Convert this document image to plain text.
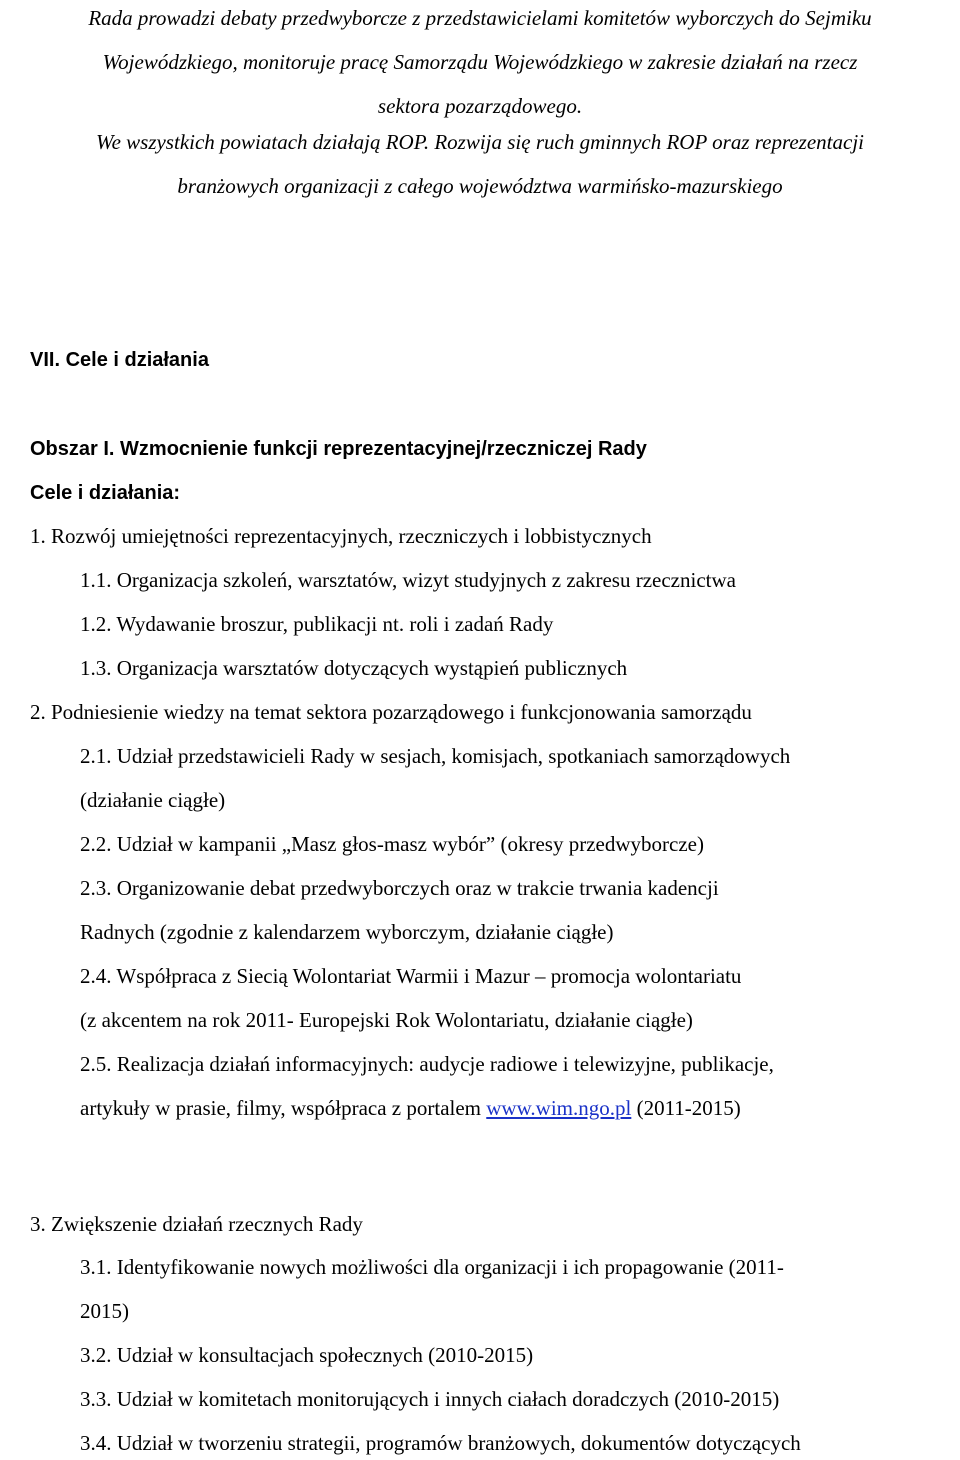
Rada prowadzi debaty przedwyborcze z przedstawicielami komitetów wyborczych do Sejmiku Wojewódzkiego, monitoruje pracę Samorządu Wojewódzkiego w zakresie działań na rzecz sektora pozarządowego.

We wszystkich powiatach działają ROP. Rozwija się ruch gminnych ROP oraz reprezentacji branżowych organizacji z całego województwa warmińsko-mazurskiego

VII. Cele i działania
Obszar I. Wzmocnienie funkcji reprezentacyjnej/rzeczniczej Rady
Cele i działania:
1. Rozwój umiejętności reprezentacyjnych, rzeczniczych i lobbistycznych
1.1. Organizacja szkoleń, warsztatów, wizyt studyjnych z zakresu rzecznictwa
1.2. Wydawanie broszur, publikacji nt. roli i zadań Rady
1.3. Organizacja warsztatów dotyczących wystąpień publicznych
2. Podniesienie wiedzy na temat sektora pozarządowego i funkcjonowania samorządu
2.1. Udział przedstawicieli Rady w sesjach, komisjach, spotkaniach samorządowych
(działanie ciągłe)
2.2. Udział w kampanii „Masz głos-masz wybór” (okresy przedwyborcze)
2.3. Organizowanie debat przedwyborczych oraz w trakcie trwania kadencji
Radnych (zgodnie z kalendarzem wyborczym, działanie ciągłe)
2.4. Współpraca z Siecią Wolontariat Warmii i Mazur – promocja wolontariatu
(z akcentem na rok 2011- Europejski Rok Wolontariatu, działanie ciągłe)
2.5. Realizacja działań informacyjnych: audycje radiowe i telewizyjne, publikacje,
artykuły w prasie, filmy, współpraca z portalem www.wim.ngo.pl (2011-2015)
3. Zwiększenie działań rzecznych Rady
3.1. Identyfikowanie nowych możliwości dla organizacji i ich propagowanie (2011-
2015)
3.2. Udział w konsultacjach społecznych (2010-2015)
3.3. Udział w komitetach monitorujących i innych ciałach doradczych (2010-2015)
3.4. Udział w tworzeniu strategii, programów branżowych, dokumentów dotyczących
